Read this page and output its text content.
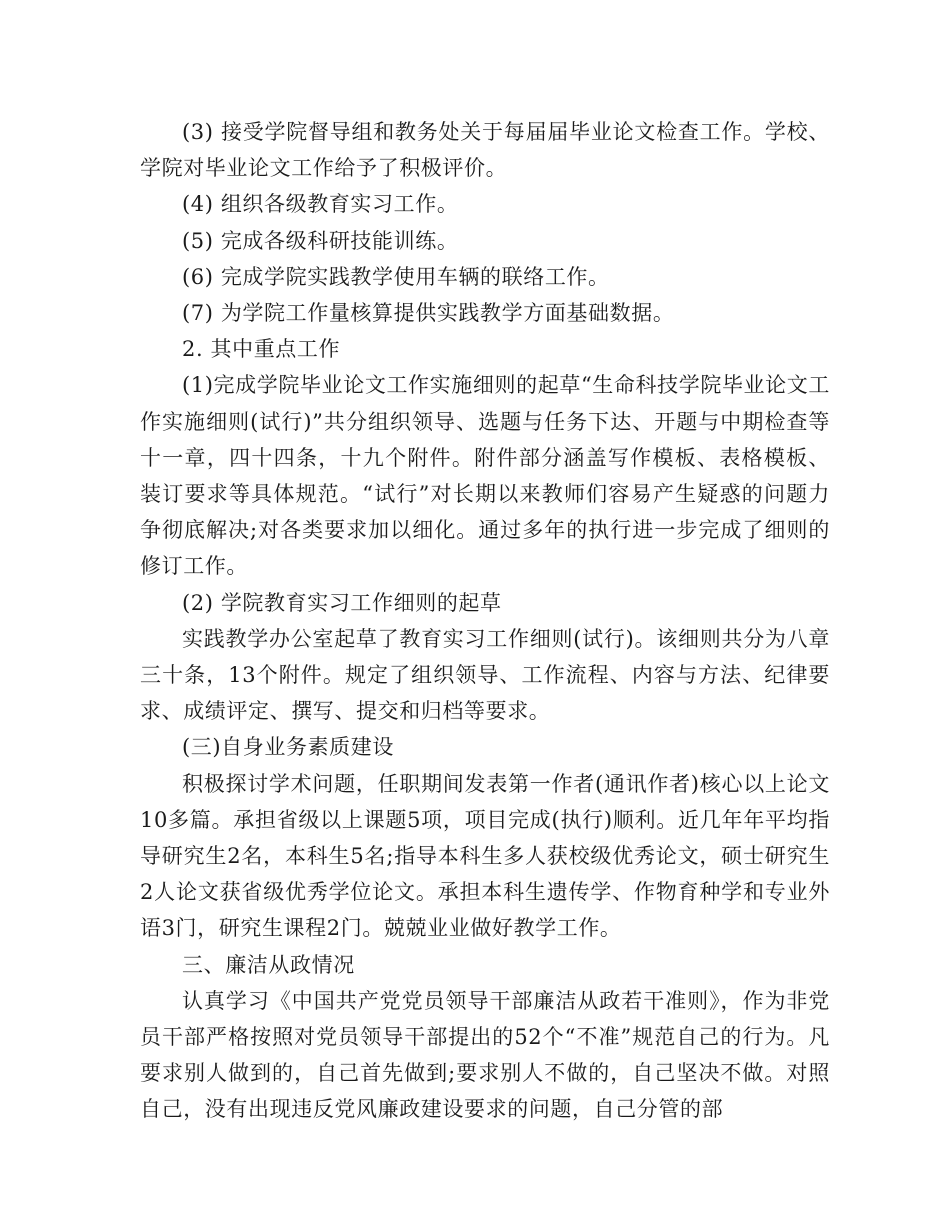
(3) 接受学院督导组和教务处关于每届届毕业论文检查工作。学校、学院对毕业论文工作给予了积极评价。

(4) 组织各级教育实习工作。

(5) 完成各级科研技能训练。

(6) 完成学院实践教学使用车辆的联络工作。

(7) 为学院工作量核算提供实践教学方面基础数据。

2. 其中重点工作

(1)完成学院毕业论文工作实施细则的起草“生命科技学院毕业论文工作实施细则(试行)”共分组织领导、选题与任务下达、开题与中期检查等十一章，四十四条，十九个附件。附件部分涵盖写作模板、表格模板、装订要求等具体规范。“试行”对长期以来教师们容易产生疑惑的问题力争彻底解决;对各类要求加以细化。通过多年的执行进一步完成了细则的修订工作。

(2) 学院教育实习工作细则的起草

实践教学办公室起草了教育实习工作细则(试行)。该细则共分为八章三十条，13个附件。规定了组织领导、工作流程、内容与方法、纪律要求、成绩评定、撰写、提交和归档等要求。

(三)自身业务素质建设

积极探讨学术问题，任职期间发表第一作者(通讯作者)核心以上论文10多篇。承担省级以上课题5项，项目完成(执行)顺利。近几年年平均指导研究生2名，本科生5名;指导本科生多人获校级优秀论文，硕士研究生2人论文获省级优秀学位论文。承担本科生遗传学、作物育种学和专业外语3门，研究生课程2门。兢兢业业做好教学工作。

三、廉洁从政情况

认真学习《中国共产党党员领导干部廉洁从政若干准则》，作为非党员干部严格按照对党员领导干部提出的52个“不准”规范自己的行为。凡要求别人做到的，自己首先做到;要求别人不做的，自己坚决不做。对照自己，没有出现违反党风廉政建设要求的问题，自己分管的部
